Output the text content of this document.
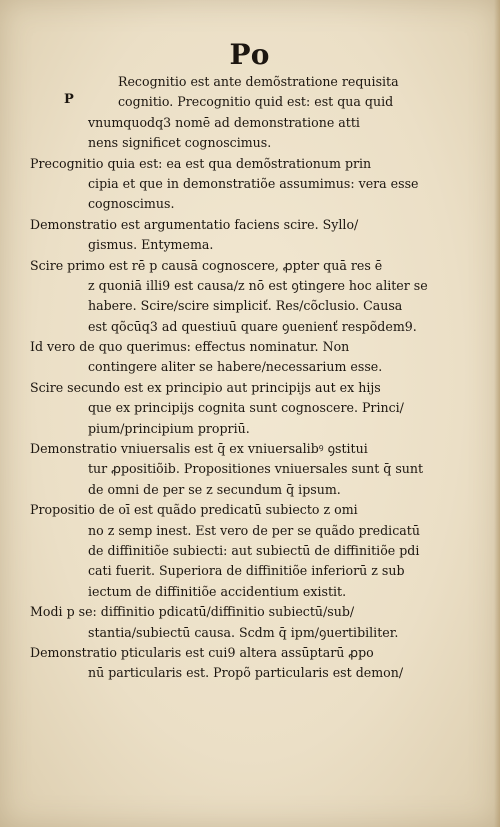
Po
P
Recognitio est ante demõstratione requisita
cognitio. Precognitio quid est: est qua quid
vnumquodq3 nomē ad demonstratione atti
nens significet cognoscimus.
Precognitio quia est: ea est qua demõstrationum prin
cipia et que in demonstratiõe assumimus: vera esse
cognoscimus.
Demonstratio est argumentatio faciens scire. Syllo/
gismus. Entymema.
Scire primo est rē p causā cognoscere, ꝓpter quā res ē
z quoniā illi9 est causa/z nō est ꝯtingere hoc aliter se
habere. Scire/scire simpliciť. Res/cõclusio. Causa
est qõcūq3 ad questiuū quare ꝯuenienť respõdem9.
Id vero de quo querimus: effectus nominatur. Non
contingere aliter se habere/necessarium esse.
Scire secundo est ex principio aut principijs aut ex hijs
que ex principijs cognita sunt cognoscere. Princi/
pium/principium propriū.
Demonstratio vniuersalis est q̄ ex vniuersalibꝰ ꝯstitui
tur ꝓpositiõib. Propositiones vniuersales sunt q̄ sunt
de omni de per se z secundum q̄ ipsum.
Propositio de oī est quãdo predicatū subiecto z omi
no z semp inest. Est vero de per se quãdo predicatū
de diffinitiõe subiecti: aut subiectū de diffinitiõe pdi
cati fuerit. Superiora de diffinitiõe inferiorū z sub
iectum de diffinitiõe accidentium existit.
Modi p se: diffinitio pdicatū/diffinitio subiectū/sub/
stantia/subiectū causa. Scdm q̄ ipm/ꝯuertibiliter.
Demonstratio pticularis est cui9 altera assūptarū ꝓpo
nū particularis est. Propõ particularis est demon/
